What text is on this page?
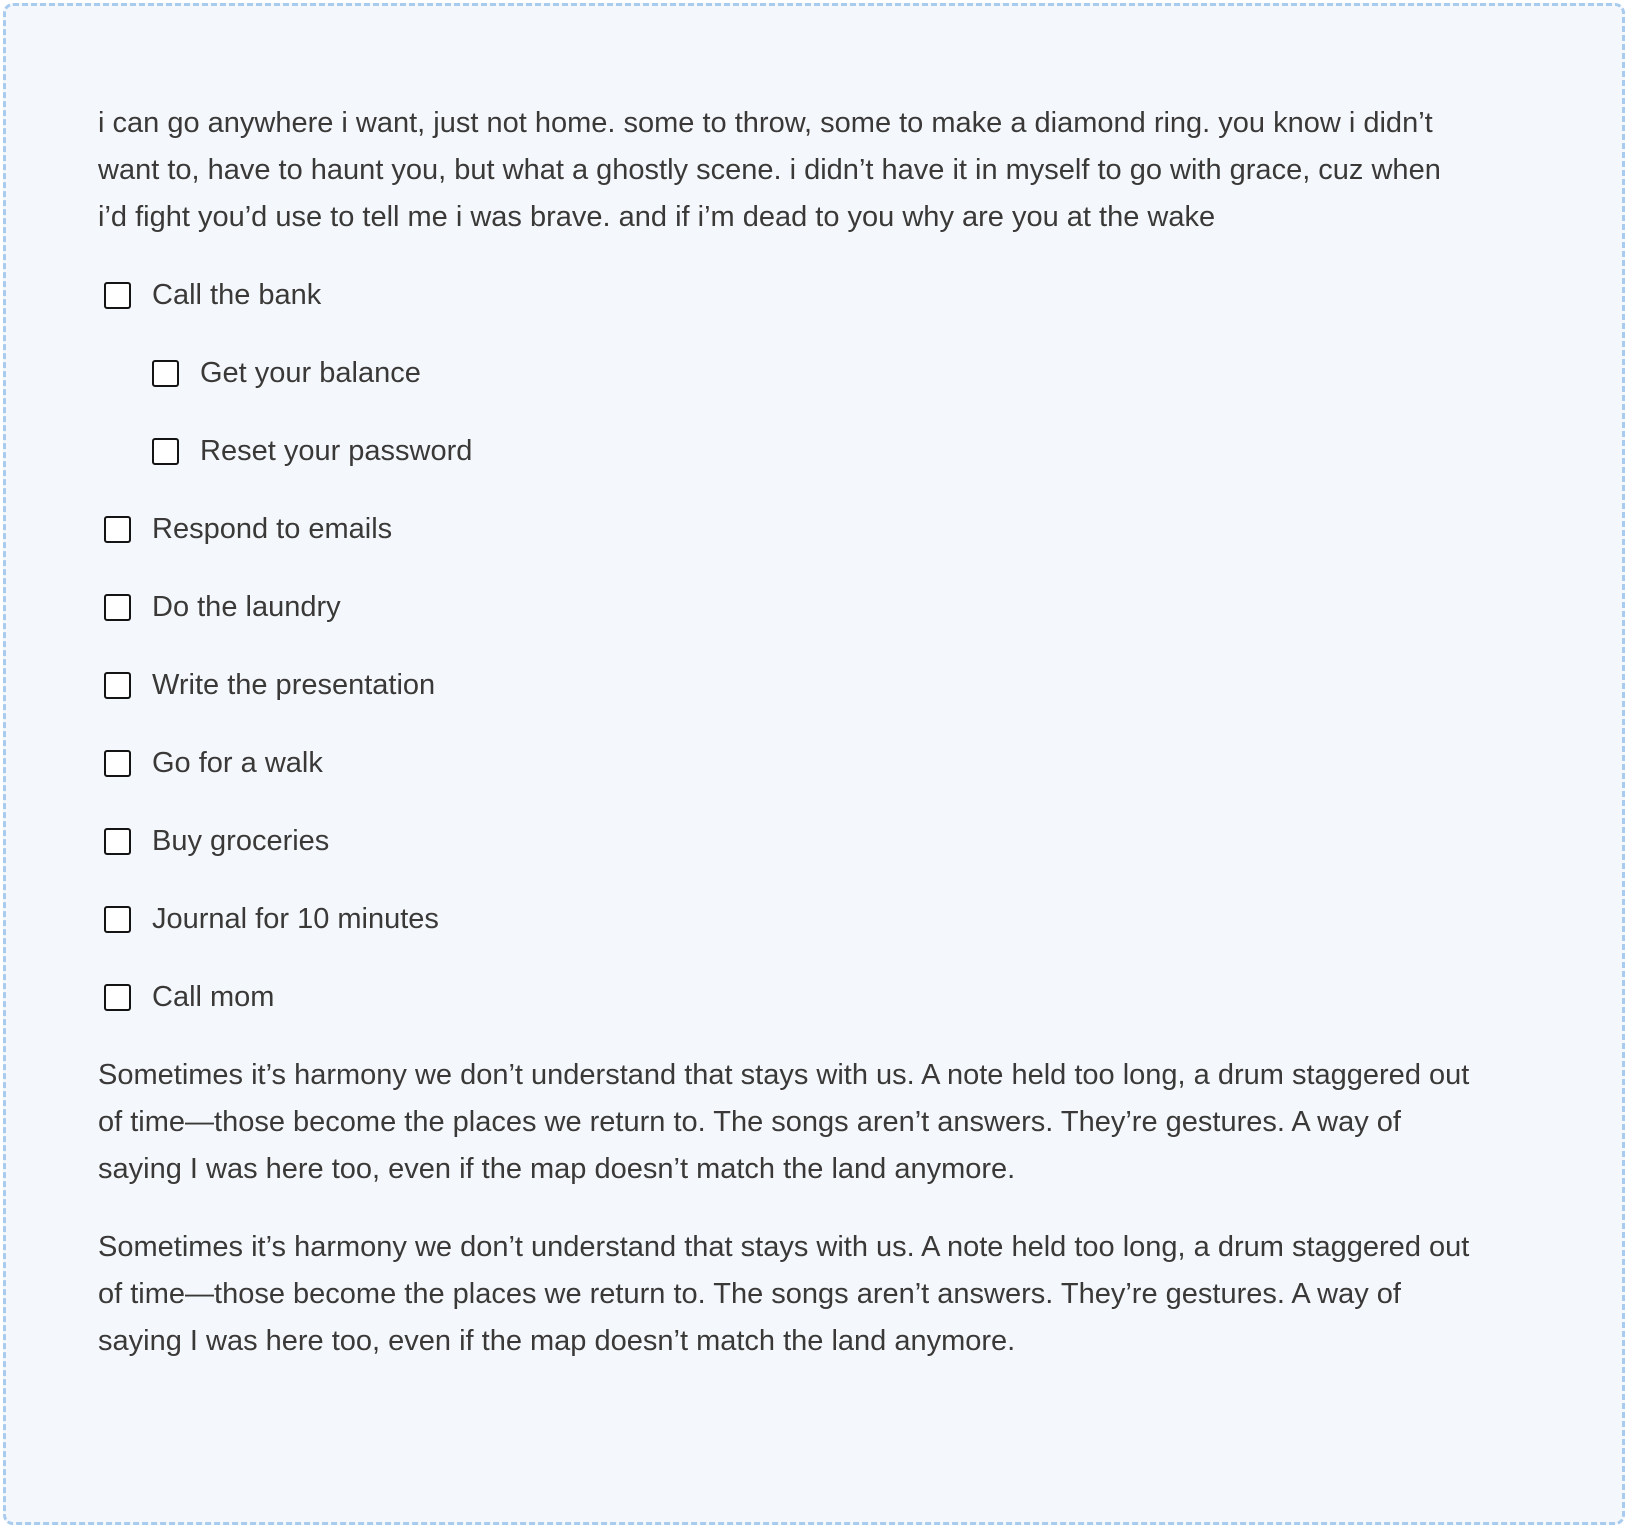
i can go anywhere i want, just not home. some to throw, some to make a diamond ring. you know i didn’t want to, have to haunt you, but what a ghostly scene. i didn’t have it in myself to go with grace, cuz when i’d fight you’d use to tell me i was brave. and if i’m dead to you why are you at the wake

Call the bank
Get your balance
Reset your password
Respond to emails
Do the laundry
Write the presentation
Go for a walk
Buy groceries
Journal for 10 minutes
Call mom

Sometimes it’s harmony we don’t understand that stays with us. A note held too long, a drum staggered out of time—those become the places we return to. The songs aren’t answers. They’re gestures. A way of saying I was here too, even if the map doesn’t match the land anymore.

Sometimes it’s harmony we don’t understand that stays with us. A note held too long, a drum staggered out of time—those become the places we return to. The songs aren’t answers. They’re gestures. A way of saying I was here too, even if the map doesn’t match the land anymore.
